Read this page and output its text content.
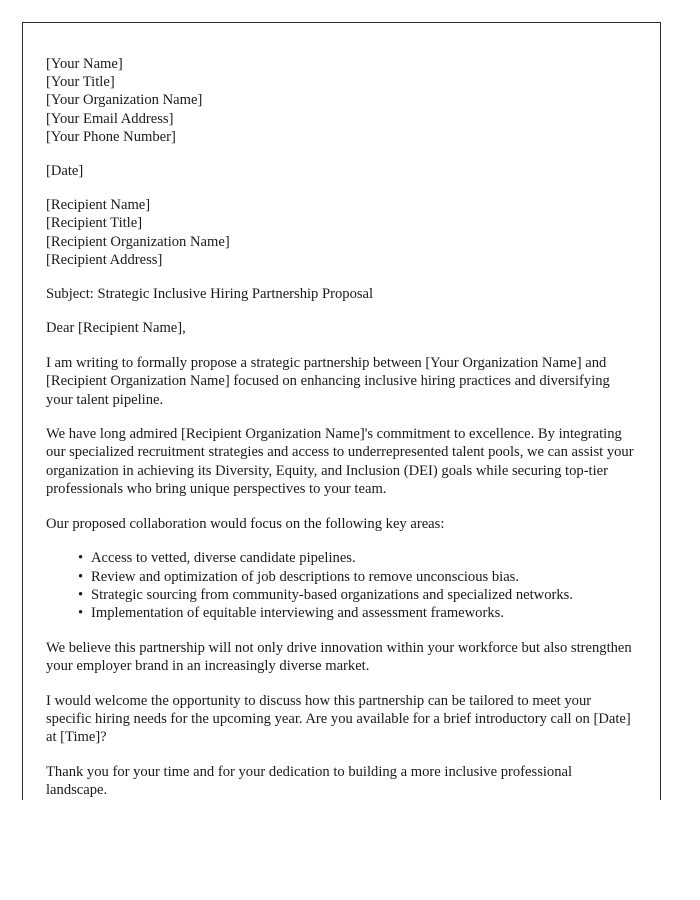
[Your Name]
[Your Title]
[Your Organization Name]
[Your Email Address]
[Your Phone Number]
[Date]
[Recipient Name]
[Recipient Title]
[Recipient Organization Name]
[Recipient Address]

Subject: Strategic Inclusive Hiring Partnership Proposal

Dear [Recipient Name],

I am writing to formally propose a strategic partnership between [Your Organization Name] and [Recipient Organization Name] focused on enhancing inclusive hiring practices and diversifying your talent pipeline.

We have long admired [Recipient Organization Name]'s commitment to excellence. By integrating our specialized recruitment strategies and access to underrepresented talent pools, we can assist your organization in achieving its Diversity, Equity, and Inclusion (DEI) goals while securing top-tier professionals who bring unique perspectives to your team.

Our proposed collaboration would focus on the following key areas:

• Access to vetted, diverse candidate pipelines.
• Review and optimization of job descriptions to remove unconscious bias.
• Strategic sourcing from community-based organizations and specialized networks.
• Implementation of equitable interviewing and assessment frameworks.

We believe this partnership will not only drive innovation within your workforce but also strengthen your employer brand in an increasingly diverse market.

I would welcome the opportunity to discuss how this partnership can be tailored to meet your specific hiring needs for the upcoming year. Are you available for a brief introductory call on [Date] at [Time]?

Thank you for your time and for your dedication to building a more inclusive professional landscape.
